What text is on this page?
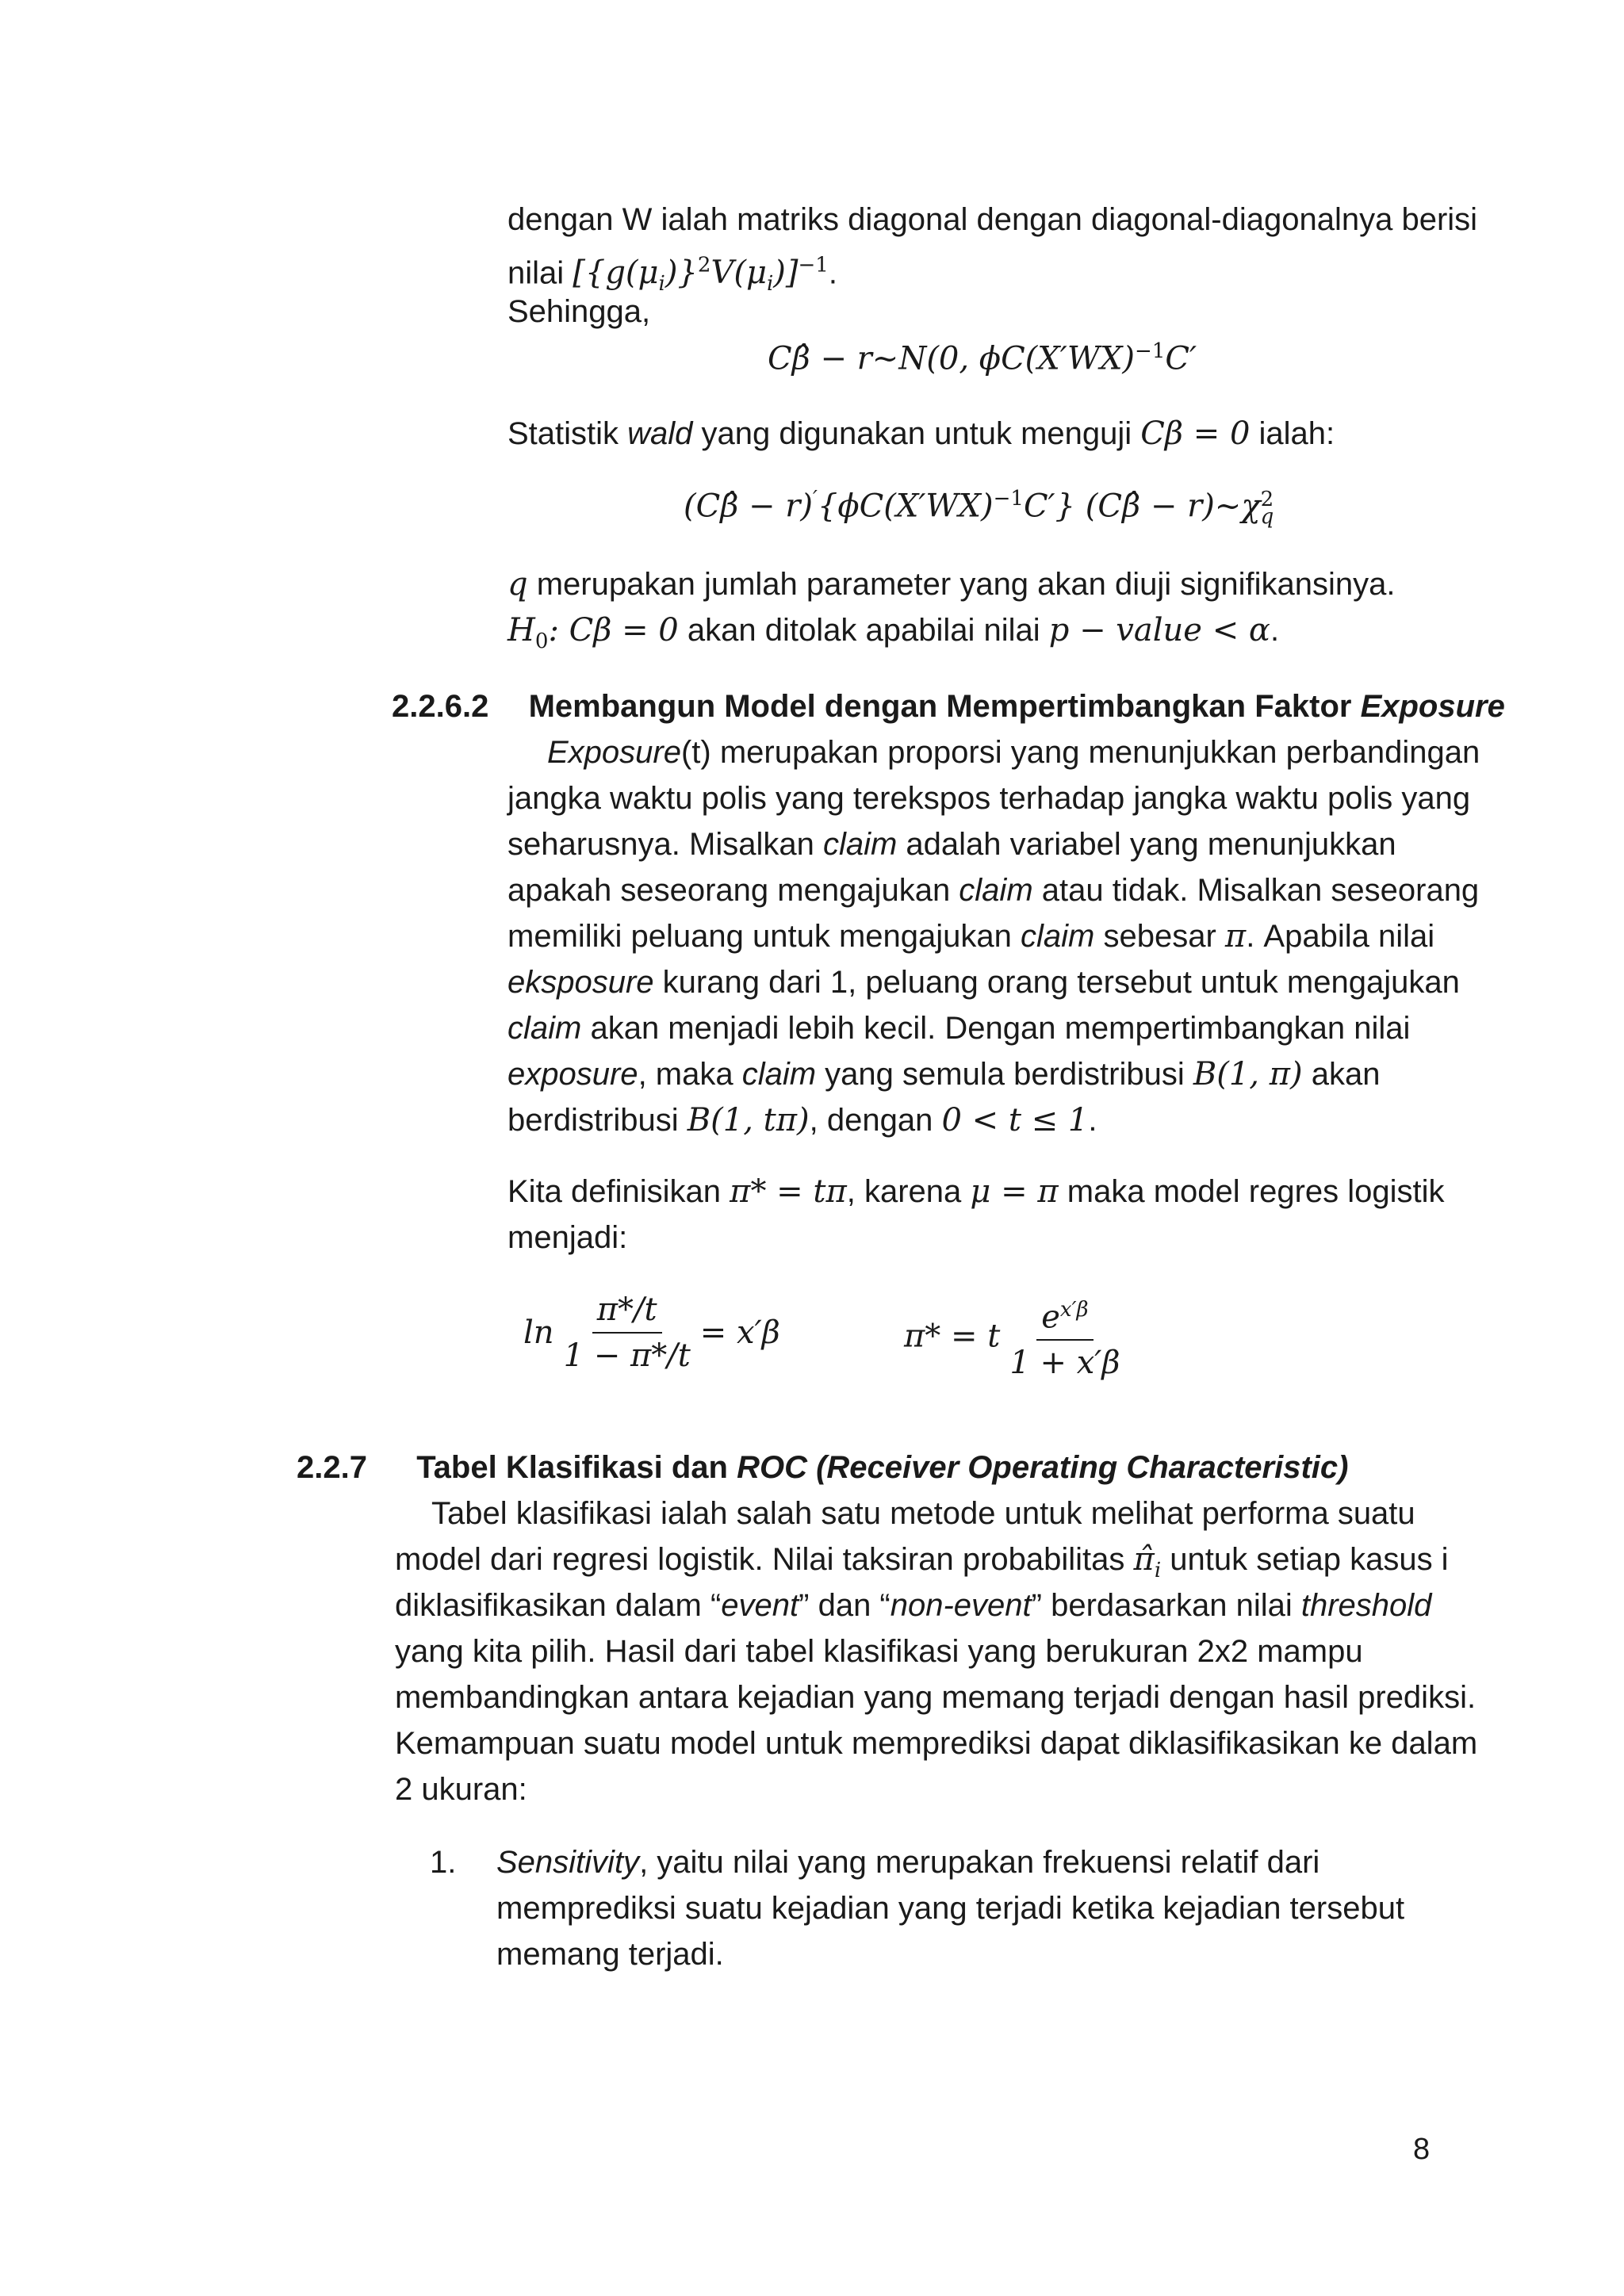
dengan W ialah matriks diagonal dengan diagonal-diagonalnya berisi

nilai $[\{g(\mu_i)\}^2V(\mu_i)]^{-1}$.

Sehingga,

Cβ̂ − r~N(0, $\phi C(X'WX)^{-1}C'$

Statistik wald yang digunakan untuk menguji Cβ = 0 ialah:

(Cβ̂ − $r)'\{\phi C(X'WX)^{-1}C'\}$ (Cβ̂ − r)~χ 2
q

q merupakan jumlah parameter yang akan diuji signifikansinya.

$H_0$: Cβ = 0 akan ditolak apabilai nilai p − value < α.

2.2.6.2 Membangun Model dengan Mempertimbangkan Faktor Exposure

Exposure(t) merupakan proporsi yang menunjukkan perbandingan

jangka waktu polis yang terekspos terhadap jangka waktu polis yang

seharusnya. Misalkan claim adalah variabel yang menunjukkan

apakah seseorang mengajukan claim atau tidak. Misalkan seseorang

memiliki peluang untuk mengajukan claim sebesar π. Apabila nilai

eksposure kurang dari 1, peluang orang tersebut untuk mengajukan

claim akan menjadi lebih kecil. Dengan mempertimbangkan nilai

exposure, maka claim yang semula berdistribusi B(1, π) akan

berdistribusi B(1, tπ), dengan 0 < t ≤ 1.

Kita definisikan π* = tπ, karena μ = π maka model regres logistik

menjadi:

$\ln \frac{\pi*/t}{1 - \pi*/t} = x'\beta$	π* = t $\frac{e^{x'\beta}}{1 + x'\beta}$
2.2.7 Tabel Klasifikasi dan ROC (Receiver Operating Characteristic)

Tabel klasifikasi ialah salah satu metode untuk melihat performa suatu

model dari regresi logistik. Nilai taksiran probabilitas $\pî_i$ untuk setiap kasus i

diklasifikasikan dalam “event” dan “non-event” berdasarkan nilai threshold

yang kita pilih. Hasil dari tabel klasifikasi yang berukuran 2x2 mampu

membandingkan antara kejadian yang memang terjadi dengan hasil prediksi.

Kemampuan suatu model untuk memprediksi dapat diklasifikasikan ke dalam

2 ukuran:

1. Sensitivity, yaitu nilai yang merupakan frekuensi relatif dari

memprediksi suatu kejadian yang terjadi ketika kejadian tersebut

memang terjadi.

8
